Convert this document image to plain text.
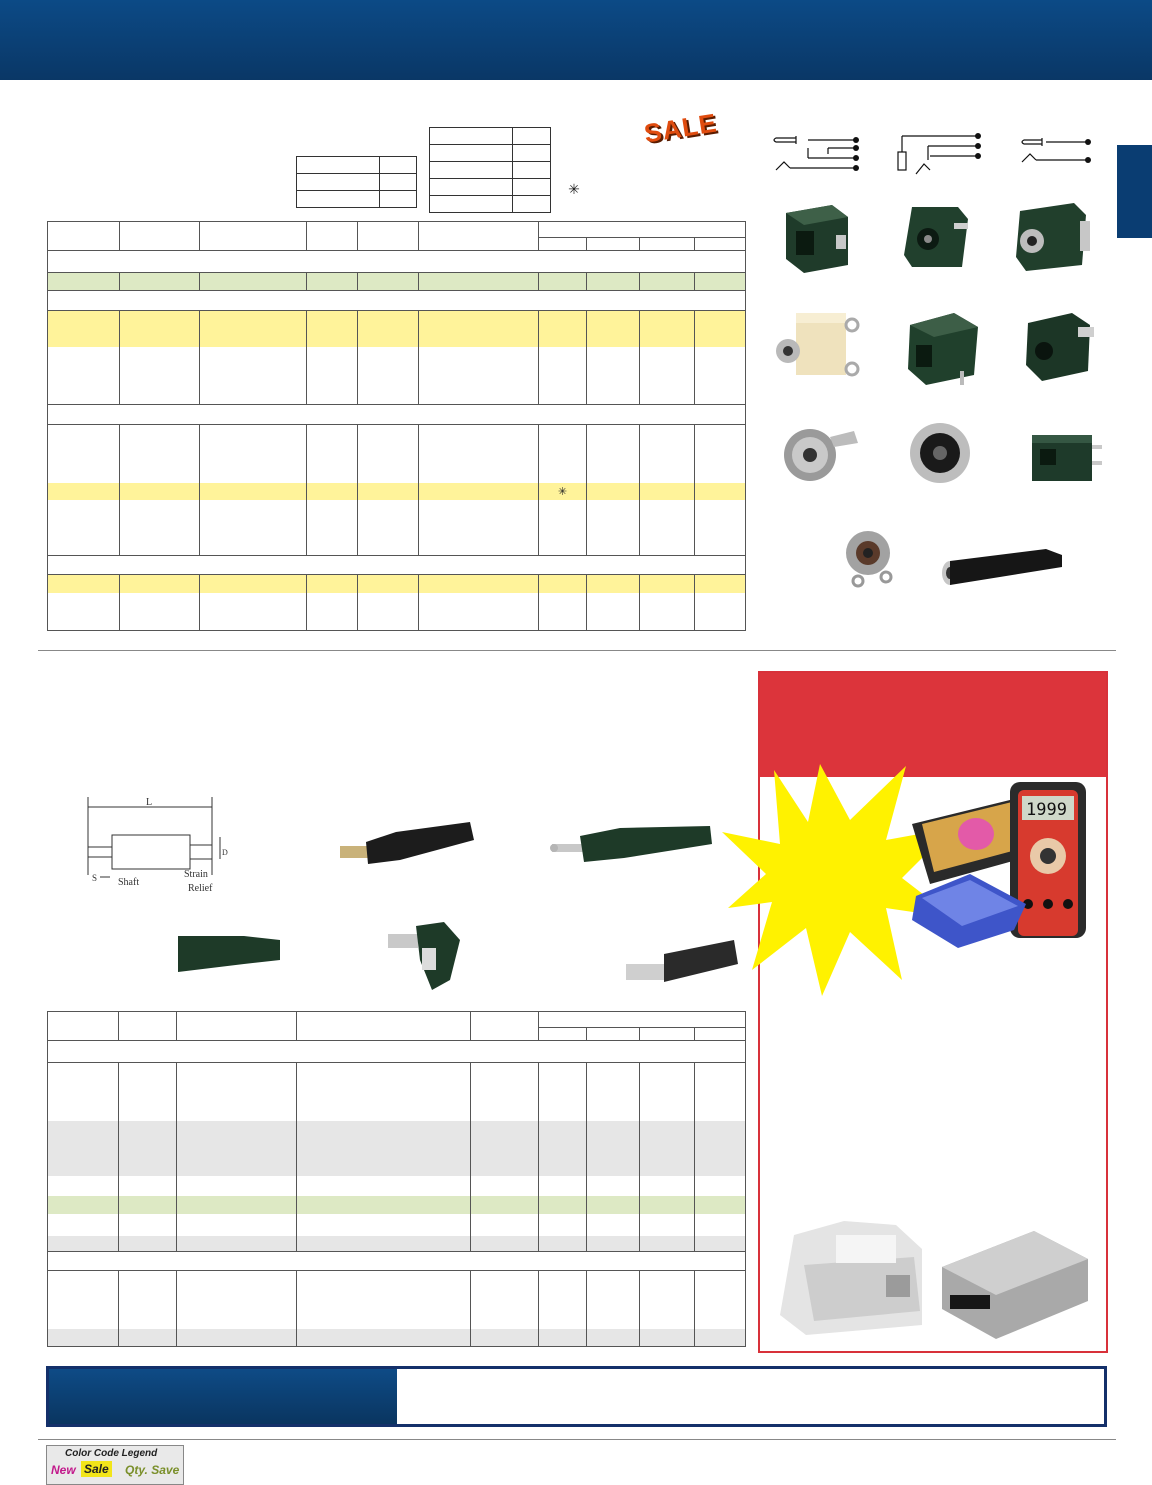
✳
SALE

						✳			

L
D
S Shaft
Strain
Relief

1999
Color Code Legend
New Sale Qty. Save
